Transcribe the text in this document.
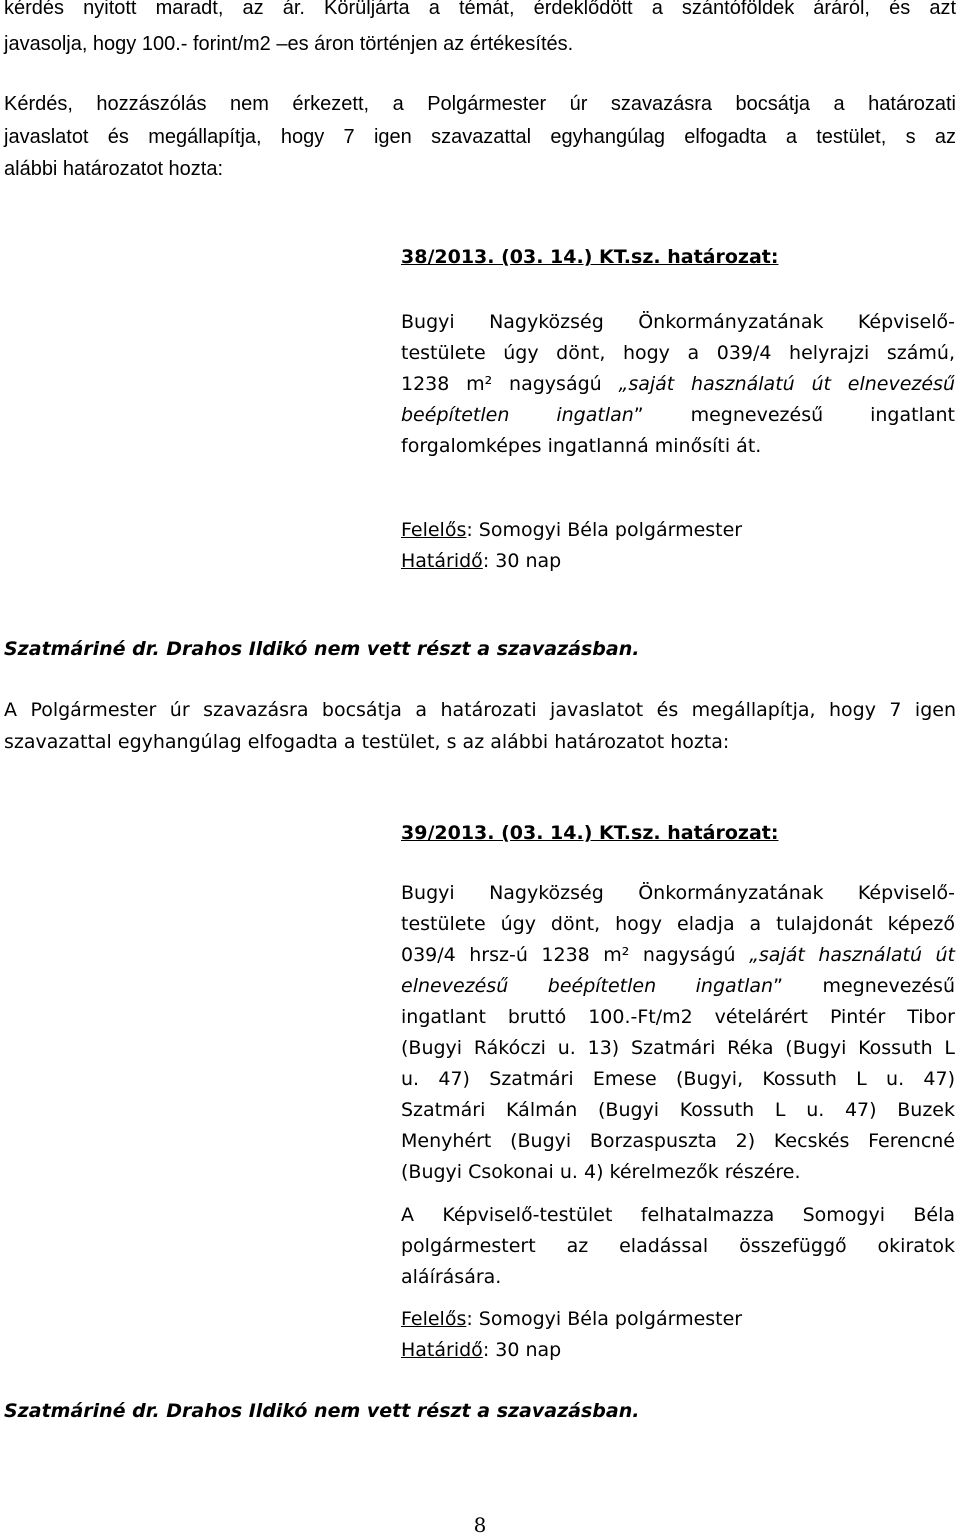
kérdés nyitott maradt, az ár. Körüljárta a témát, érdeklődött a szántóföldek áráról, és azt
javasolja, hogy 100.- forint/m2 –es áron történjen az értékesítés.
Kérdés, hozzászólás nem érkezett, a Polgármester úr szavazásra bocsátja a határozati
javaslatot és megállapítja, hogy 7 igen szavazattal egyhangúlag elfogadta a testület, s az
alábbi határozatot hozta:
38/2013. (03. 14.) KT.sz. határozat:
Bugyi Nagyközség Önkormányzatának Képviselő-
testülete úgy dönt, hogy a 039/4 helyrajzi számú,
1238 m² nagyságú „saját használatú út elnevezésű
beépítetlen ingatlan” megnevezésű ingatlant
forgalomképes ingatlanná minősíti át.
Felelős: Somogyi Béla polgármester
Határidő: 30 nap
Szatmáriné dr. Drahos Ildikó nem vett részt a szavazásban.
A Polgármester úr szavazásra bocsátja a határozati javaslatot és megállapítja, hogy 7 igen
szavazattal egyhangúlag elfogadta a testület, s az alábbi határozatot hozta:
39/2013. (03. 14.) KT.sz. határozat:
Bugyi Nagyközség Önkormányzatának Képviselő-
testülete úgy dönt, hogy eladja a tulajdonát képező
039/4 hrsz-ú 1238 m² nagyságú „saját használatú út
elnevezésű beépítetlen ingatlan” megnevezésű
ingatlant bruttó 100.-Ft/m2 vételárért Pintér Tibor
(Bugyi Rákóczi u. 13) Szatmári Réka (Bugyi Kossuth L
u. 47) Szatmári Emese (Bugyi, Kossuth L u. 47)
Szatmári Kálmán (Bugyi Kossuth L u. 47) Buzek
Menyhért (Bugyi Borzaspuszta 2) Kecskés Ferencné
(Bugyi Csokonai u. 4) kérelmezők részére.
A Képviselő-testület felhatalmazza Somogyi Béla
polgármestert az eladással összefüggő okiratok
aláírására.
Felelős: Somogyi Béla polgármester
Határidő: 30 nap
Szatmáriné dr. Drahos Ildikó nem vett részt a szavazásban.
8
